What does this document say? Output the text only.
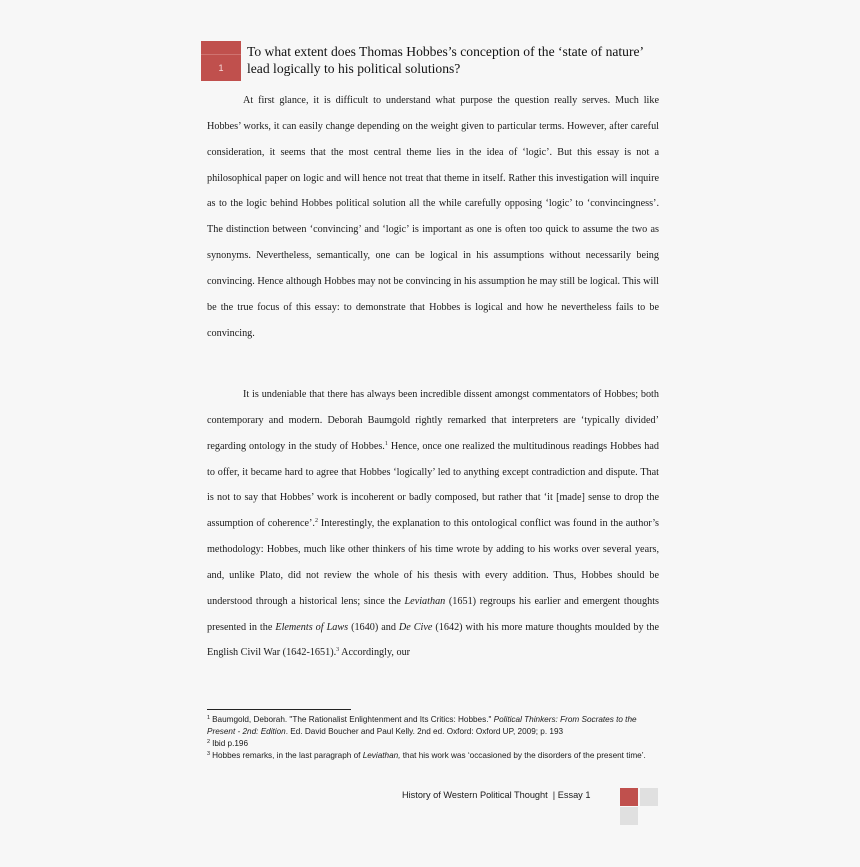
1
To what extent does Thomas Hobbes’s conception of the ‘state of nature’ lead logically to his political solutions?

At first glance, it is difficult to understand what purpose the question really serves. Much like Hobbes’ works, it can easily change depending on the weight given to particular terms. However, after careful consideration, it seems that the most central theme lies in the idea of ‘logic’. But this essay is not a philosophical paper on logic and will hence not treat that theme in itself. Rather this investigation will inquire as to the logic behind Hobbes political solution all the while carefully opposing ‘logic’ to ‘convincingness’. The distinction between ‘convincing’ and ‘logic’ is important as one is often too quick to assume the two as synonyms. Nevertheless, semantically, one can be logical in his assumptions without necessarily being convincing. Hence although Hobbes may not be convincing in his assumption he may still be logical. This will be the true focus of this essay: to demonstrate that Hobbes is logical and how he nevertheless fails to be convincing.

It is undeniable that there has always been incredible dissent amongst commentators of Hobbes; both contemporary and modern. Deborah Baumgold rightly remarked that interpreters are ‘typically divided’ regarding ontology in the study of Hobbes.$^1$ Hence, once one realized the multitudinous readings Hobbes had to offer, it became hard to agree that Hobbes ‘logically’ led to anything except contradiction and dispute. That is not to say that Hobbes’ work is incoherent or badly composed, but rather that ‘it [made] sense to drop the assumption of coherence’.$^2$ Interestingly, the explanation to this ontological conflict was found in the author’s methodology: Hobbes, much like other thinkers of his time wrote by adding to his works over several years, and, unlike Plato, did not review the whole of his thesis with every addition. Thus, Hobbes should be understood through a historical lens; since the Leviathan (1651) regroups his earlier and emergent thoughts presented in the Elements of Laws (1640) and De Cive (1642) with his more mature thoughts moulded by the English Civil War (1642-1651).$^3$ Accordingly, our

$^1$ Baumgold, Deborah. "The Rationalist Enlightenment and Its Critics: Hobbes." Political Thinkers: From Socrates to the Present - 2nd: Edition. Ed. David Boucher and Paul Kelly. 2nd ed. Oxford: Oxford UP, 2009; p. 193

$^2$ Ibid p.196

$^3$ Hobbes remarks, in the last paragraph of Leviathan, that his work was ‘occasioned by the disorders of the present time’.

History of Western Political Thought  | Essay 1
